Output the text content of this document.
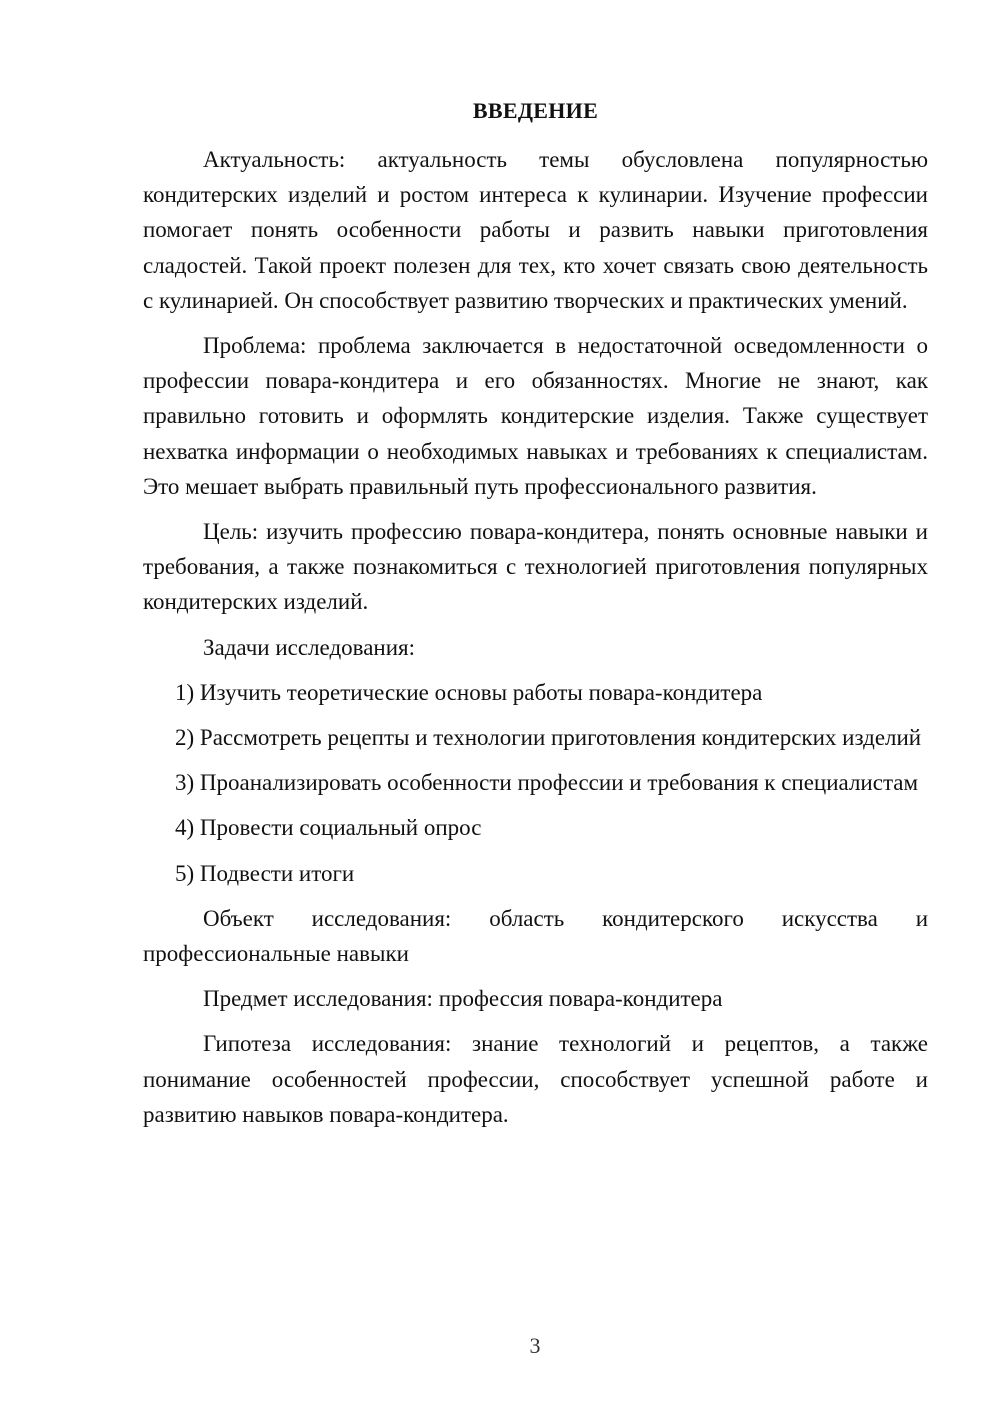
ВВЕДЕНИЕ

Актуальность: актуальность темы обусловлена популярностью кондитерских изделий и ростом интереса к кулинарии. Изучение профессии помогает понять особенности работы и развить навыки приготовления сладостей. Такой проект полезен для тех, кто хочет связать свою деятельность с кулинарией. Он способствует развитию творческих и практических умений.

Проблема: проблема заключается в недостаточной осведомленности о профессии повара-кондитера и его обязанностях. Многие не знают, как правильно готовить и оформлять кондитерские изделия. Также существует нехватка информации о необходимых навыках и требованиях к специалистам. Это мешает выбрать правильный путь профессионального развития.

Цель: изучить профессию повара-кондитера, понять основные навыки и требования, а также познакомиться с технологией приготовления популярных кондитерских изделий.

Задачи исследования:

1) Изучить теоретические основы работы повара-кондитера

2) Рассмотреть рецепты и технологии приготовления кондитерских изделий

3) Проанализировать особенности профессии и требования к специалистам

4) Провести социальный опрос

5) Подвести итоги

Объект исследования: область кондитерского искусства и профессиональные навыки

Предмет исследования: профессия повара-кондитера

Гипотеза исследования: знание технологий и рецептов, а также понимание особенностей профессии, способствует успешной работе и развитию навыков повара-кондитера.

3
